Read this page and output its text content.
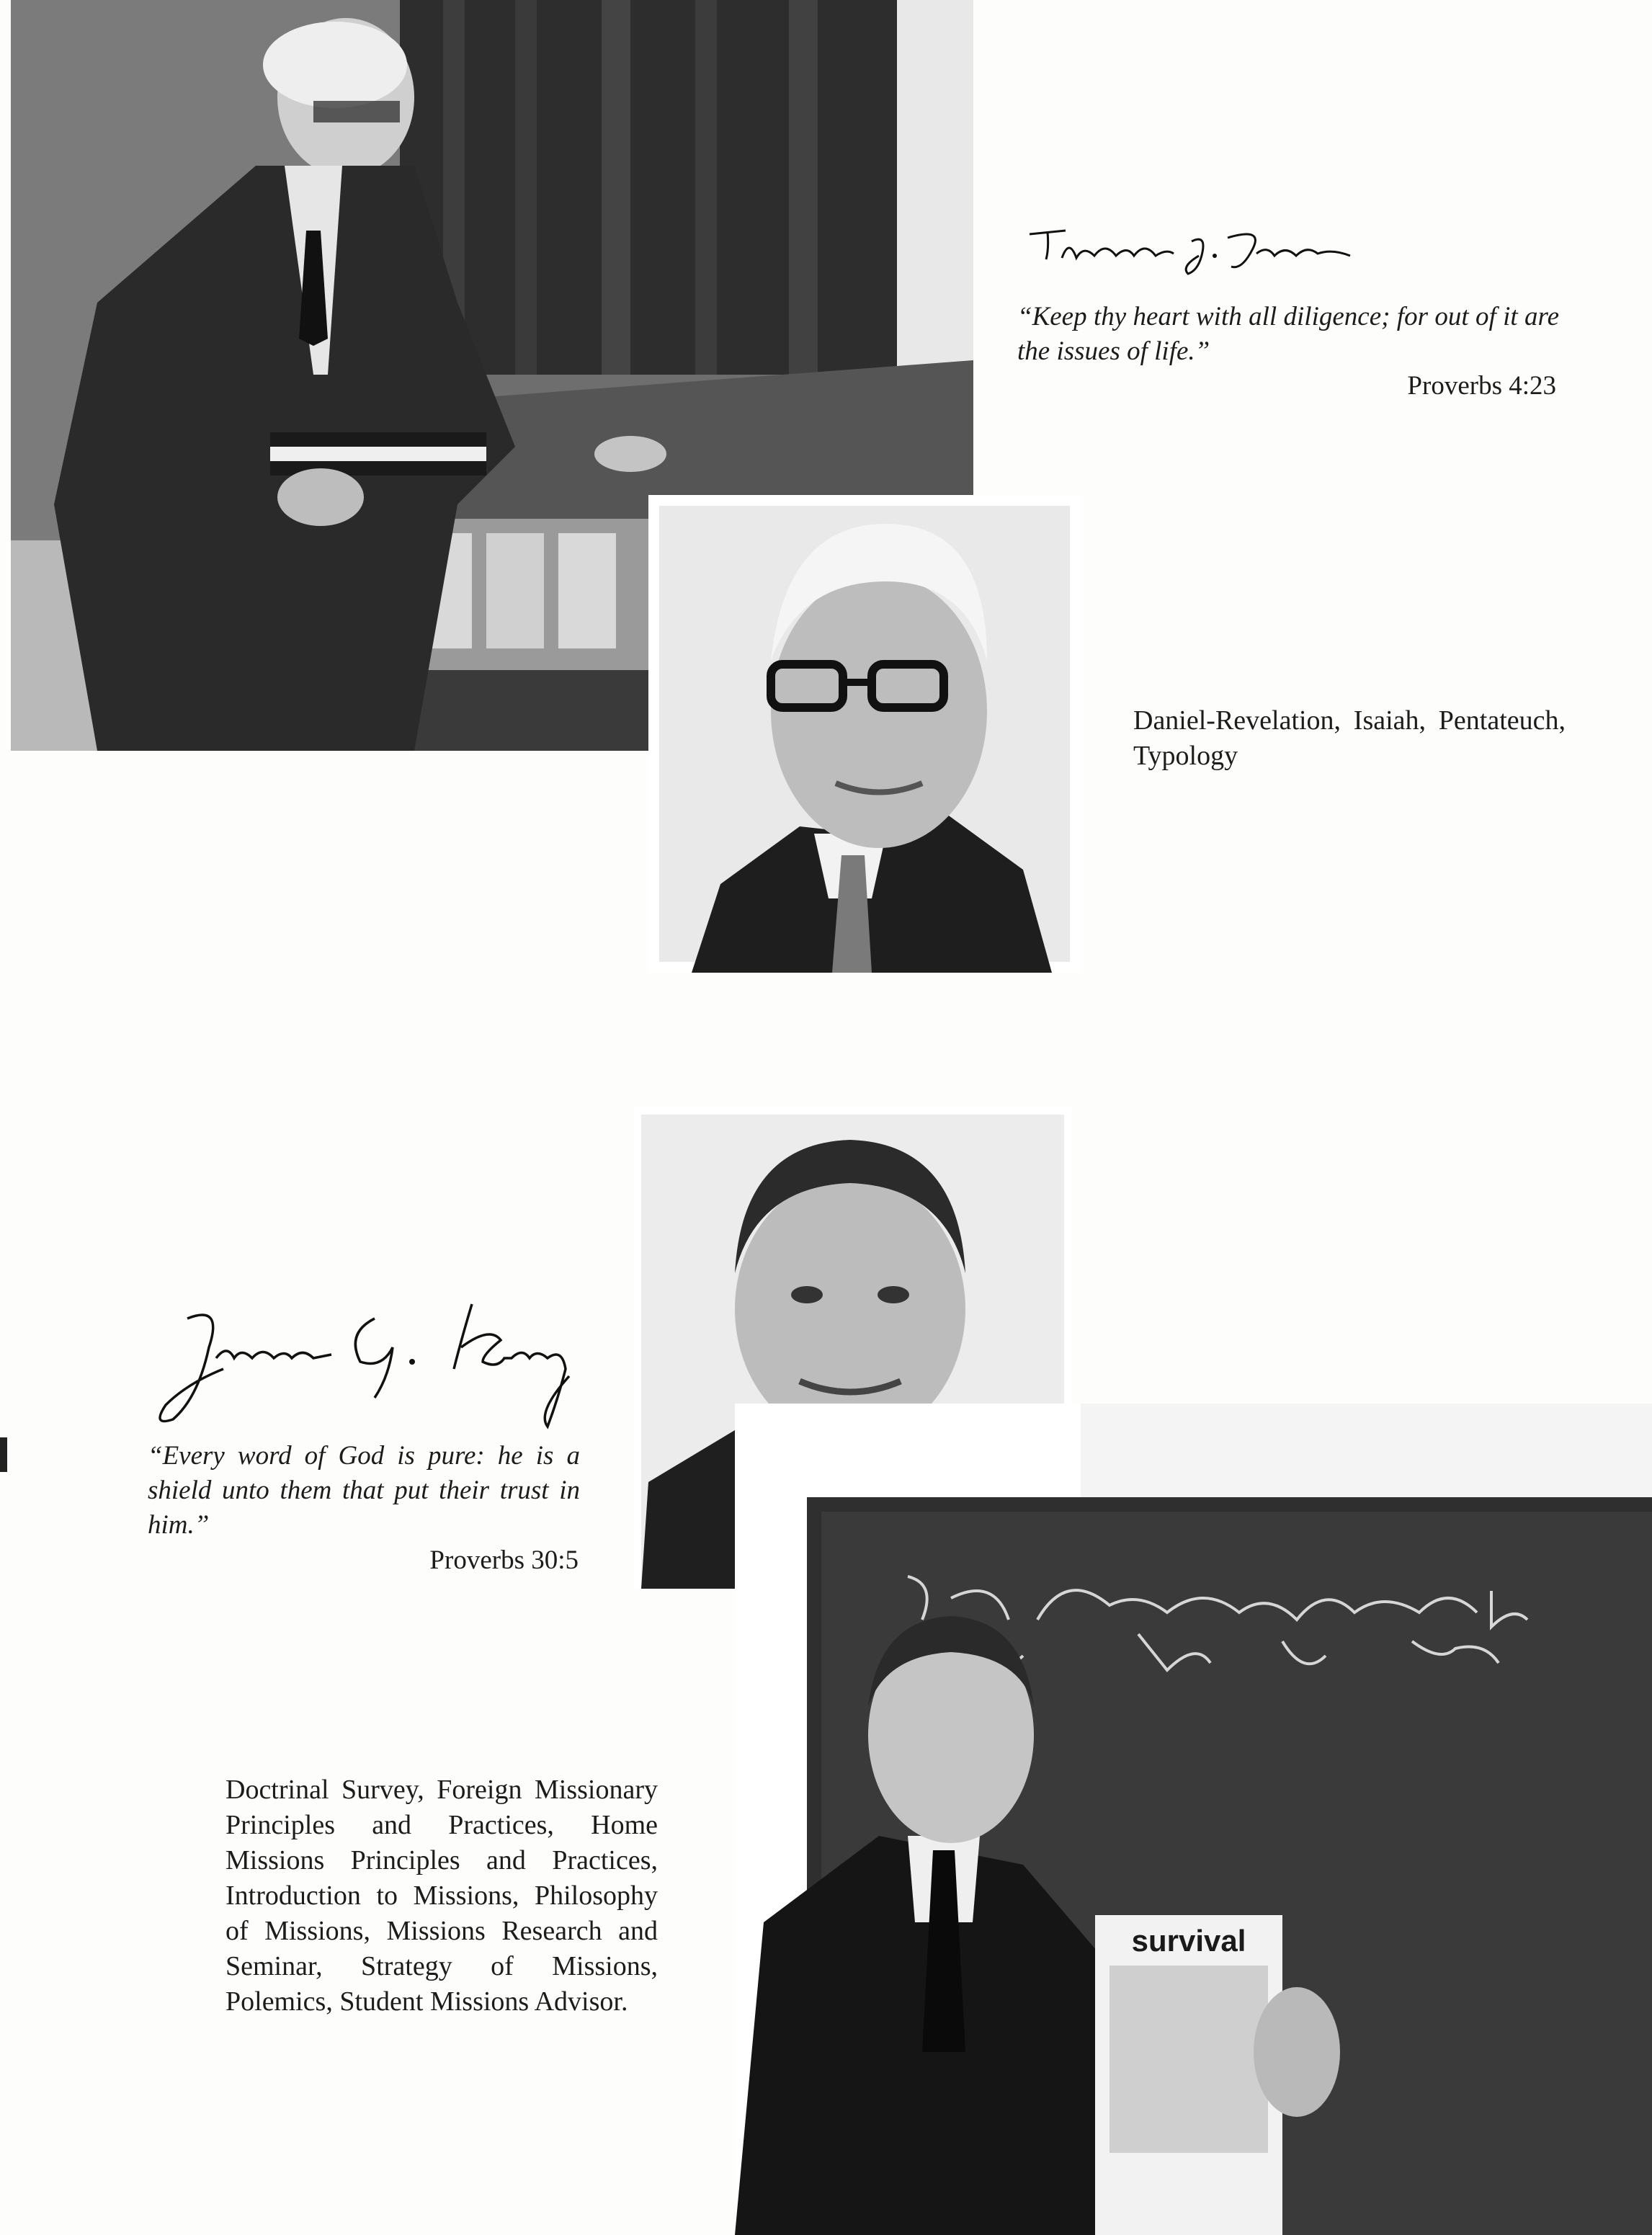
“Keep thy heart with all diligence; for out of it are the issues of life.”

Proverbs 4:23

Daniel-Revelation, Isaiah, Pentateuch, Typology

“Every word of God is pure: he is a shield unto them that put their trust in him.”

Proverbs 30:5

survival

Doctrinal Survey, Foreign Missionary Principles and Practices, Home Missions Principles and Practices, Introduction to Missions, Philosophy of Missions, Missions Research and Seminar, Strategy of Missions, Polemics, Student Missions Advisor.
